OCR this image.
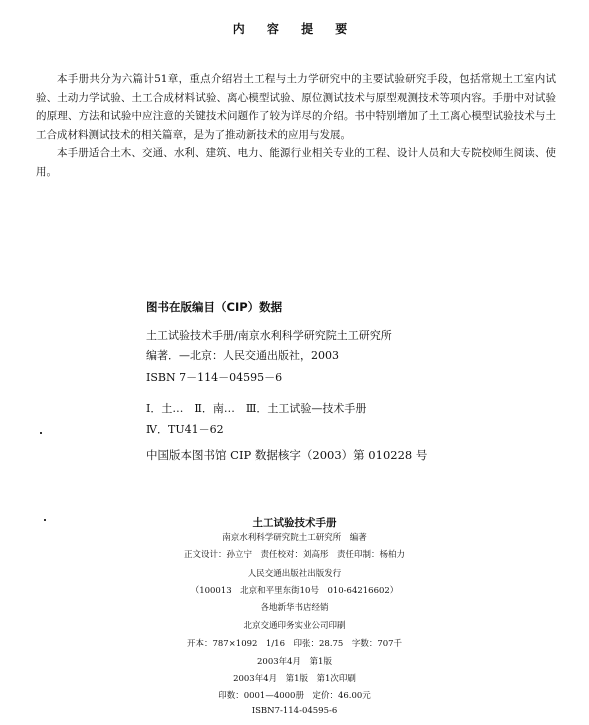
内 容 提 要

本手册共分为六篇计51章，重点介绍岩土工程与土力学研究中的主要试验研究手段，包括常规土工室内试验、土动力学试验、土工合成材料试验、离心模型试验、原位测试技术与原型观测技术等项内容。手册中对试验的原理、方法和试验中应注意的关键技术问题作了较为详尽的介绍。书中特别增加了土工离心模型试验技术与土工合成材料测试技术的相关篇章，是为了推动新技术的应用与发展。

本手册适合土木、交通、水利、建筑、电力、能源行业相关专业的工程、设计人员和大专院校师生阅读、使用。

图书在版编目（CIP）数据
土工试验技术手册/南京水利科学研究院土工研究所
编著．—北京：人民交通出版社，2003
ISBN 7－114－04595－6
Ⅰ．土…　Ⅱ．南…　Ⅲ．土工试验—技术手册
Ⅳ．TU41－62
中国版本图书馆 CIP 数据核字（2003）第 010228 号
土工试验技术手册
南京水利科学研究院土工研究所　编著
正文设计：孙立宁　责任校对：刘高彤　责任印制：杨柏力
人民交通出版社出版发行
（100013　北京和平里东街10号　010-64216602）
各地新华书店经销
北京交通印务实业公司印刷
开本：787×1092　1/16　印张：28.75　字数：707千
2003年4月　第1版
2003年4月　第1版　第1次印刷
印数：0001—4000册　定价：46.00元
ISBN7-114-04595-6
